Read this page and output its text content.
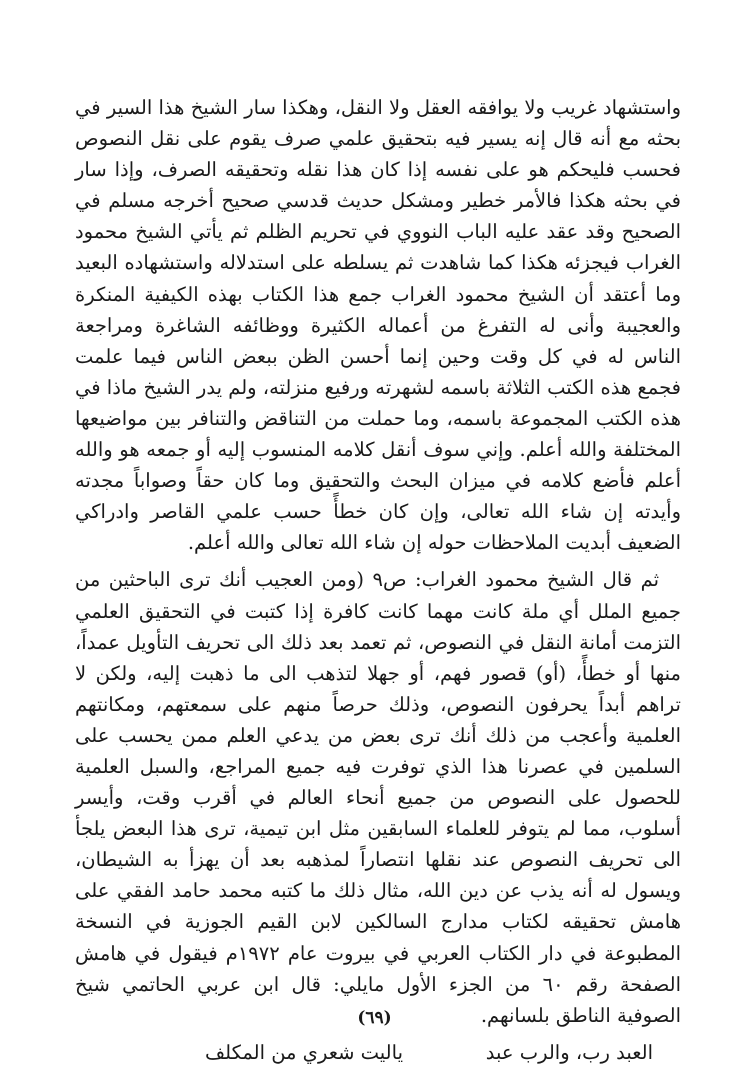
واستشهاد غريب ولا يوافقه العقل ولا النقل، وهكذا سار الشيخ هذا السير في بحثه مع أنه قال إنه يسير فيه بتحقيق علمي صرف يقوم على نقل النصوص فحسب فليحكم هو على نفسه إذا كان هذا نقله وتحقيقه الصرف، وإذا سار في بحثه هكذا فالأمر خطير ومشكل حديث قدسي صحيح أخرجه مسلم في الصحيح وقد عقد عليه الباب النووي في تحريم الظلم ثم يأتي الشيخ محمود الغراب فيجزئه هكذا كما شاهدت ثم يسلطه على استدلاله واستشهاده البعيد وما أعتقد أن الشيخ محمود الغراب جمع هذا الكتاب بهذه الكيفية المنكرة والعجيبة وأنى له التفرغ من أعماله الكثيرة ووظائفه الشاغرة ومراجعة الناس له في كل وقت وحين إنما أحسن الظن ببعض الناس فيما علمت فجمع هذه الكتب الثلاثة باسمه لشهرته ورفيع منزلته، ولم يدر الشيخ ماذا في هذه الكتب المجموعة باسمه، وما حملت من التناقض والتنافر بين مواضيعها المختلفة والله أعلم. وإني سوف أنقل كلامه المنسوب إليه أو جمعه هو والله أعلم فأضع كلامه في ميزان البحث والتحقيق وما كان حقاً وصواباً مجدته وأيدته إن شاء الله تعالى، وإن كان خطأً حسب علمي القاصر وادراكي الضعيف أبديت الملاحظات حوله إن شاء الله تعالى والله أعلم.

ثم قال الشيخ محمود الغراب: ص٩ (ومن العجيب أنك ترى الباحثين من جميع الملل أي ملة كانت مهما كانت كافرة إذا كتبت في التحقيق العلمي التزمت أمانة النقل في النصوص، ثم تعمد بعد ذلك الى تحريف التأويل عمداً، منها أو خطأً، (أو) قصور فهم، أو جهلا لتذهب الى ما ذهبت إليه، ولكن لا تراهم أبداً يحرفون النصوص، وذلك حرصاً منهم على سمعتهم، ومكانتهم العلمية وأعجب من ذلك أنك ترى بعض من يدعي العلم ممن يحسب على السلمين في عصرنا هذا الذي توفرت فيه جميع المراجع، والسبل العلمية للحصول على النصوص من جميع أنحاء العالم في أقرب وقت، وأيسر أسلوب، مما لم يتوفر للعلماء السابقين مثل ابن تيمية، ترى هذا البعض يلجأ الى تحريف النصوص عند نقلها انتصاراً لمذهبه بعد أن يهزأ به الشيطان، ويسول له أنه يذب عن دين الله، مثال ذلك ما كتبه محمد حامد الفقي على هامش تحقيقه لكتاب مدارج السالكين لابن القيم الجوزية في النسخة المطبوعة في دار الكتاب العربي في بيروت عام ١٩٧٢م فيقول في هامش الصفحة رقم ٦٠ من الجزء الأول مايلي: قال ابن عربي الحاتمي شيخ الصوفية الناطق بلسانهم.

العبد رب، والرب عبد
ياليت شعري من المكلف
(٦٩)
